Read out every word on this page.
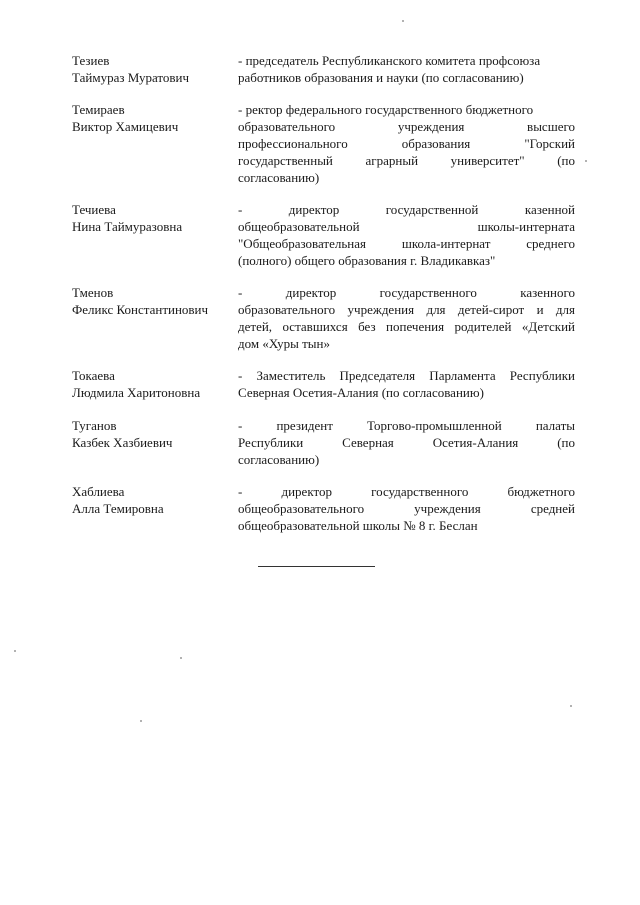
Тезиев
Таймураз Муратович
- председатель Республиканского комитета профсоюза
работников образования и науки (по согласованию)
Темираев
Виктор Хамицевич
- ректор федерального государственного бюджетного
образовательного учреждения высшего
профессионального образования "Горский
государственный аграрный университет" (по
согласованию)
Течиева
Нина Таймуразовна
- директор государственной казенной
общеобразовательной школы-интерната
"Общеобразовательная школа-интернат среднего
(полного) общего образования г. Владикавказ"
Тменов
Феликс Константинович
- директор государственного казенного
образовательного учреждения для детей-сирот и для
детей, оставшихся без попечения родителей «Детский
дом «Хуры тын»
Токаева
Людмила Харитоновна
- Заместитель Председателя Парламента Республики
Северная Осетия-Алания (по согласованию)
Туганов
Казбек Хазбиевич
- президент Торгово-промышленной палаты
Республики Северная Осетия-Алания (по
согласованию)
Хаблиева
Алла Темировна
- директор государственного бюджетного
общеобразовательного учреждения средней
общеобразовательной школы № 8 г. Беслан
